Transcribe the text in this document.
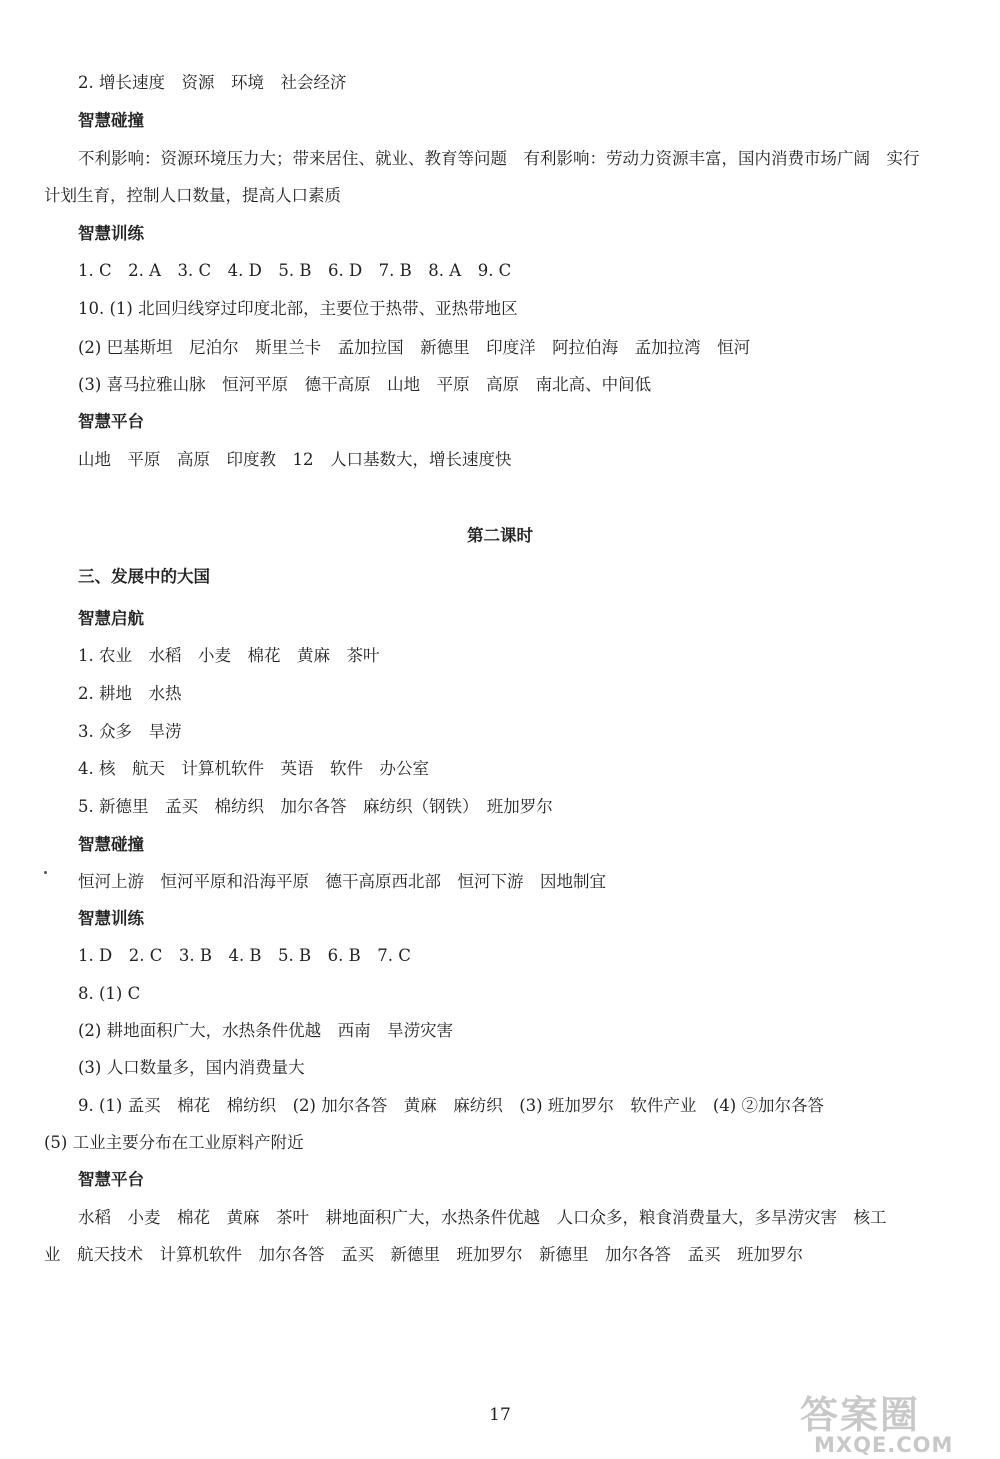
2. 增长速度　资源　环境　社会经济
智慧碰撞
不利影响：资源环境压力大；带来居住、就业、教育等问题　有利影响：劳动力资源丰富，国内消费市场广阔　实行
计划生育，控制人口数量，提高人口素质
智慧训练
1. C　2. A　3. C　4. D　5. B　6. D　7. B　8. A　9. C
10. (1) 北回归线穿过印度北部，主要位于热带、亚热带地区
(2) 巴基斯坦　尼泊尔　斯里兰卡　孟加拉国　新德里　印度洋　阿拉伯海　孟加拉湾　恒河
(3) 喜马拉雅山脉　恒河平原　德干高原　山地　平原　高原　南北高、中间低
智慧平台
山地　平原　高原　印度教　12　人口基数大，增长速度快
第二课时
三、发展中的大国
智慧启航
1. 农业　水稻　小麦　棉花　黄麻　茶叶
2. 耕地　水热
3. 众多　旱涝
4. 核　航天　计算机软件　英语　软件　办公室
5. 新德里　孟买　棉纺织　加尔各答　麻纺织（钢铁）　班加罗尔
智慧碰撞
恒河上游　恒河平原和沿海平原　德干高原西北部　恒河下游　因地制宜
智慧训练
1. D　2. C　3. B　4. B　5. B　6. B　7. C
8. (1) C
(2) 耕地面积广大，水热条件优越　西南　旱涝灾害
(3) 人口数量多，国内消费量大
9. (1) 孟买　棉花　棉纺织　(2) 加尔各答　黄麻　麻纺织　(3) 班加罗尔　软件产业　(4) ②加尔各答
(5) 工业主要分布在工业原料产附近
智慧平台
水稻　小麦　棉花　黄麻　茶叶　耕地面积广大，水热条件优越　人口众多，粮食消费量大，多旱涝灾害　核工
业　航天技术　计算机软件　加尔各答　孟买　新德里　班加罗尔　新德里　加尔各答　孟买　班加罗尔
17	答案圈
MXQE.COM
